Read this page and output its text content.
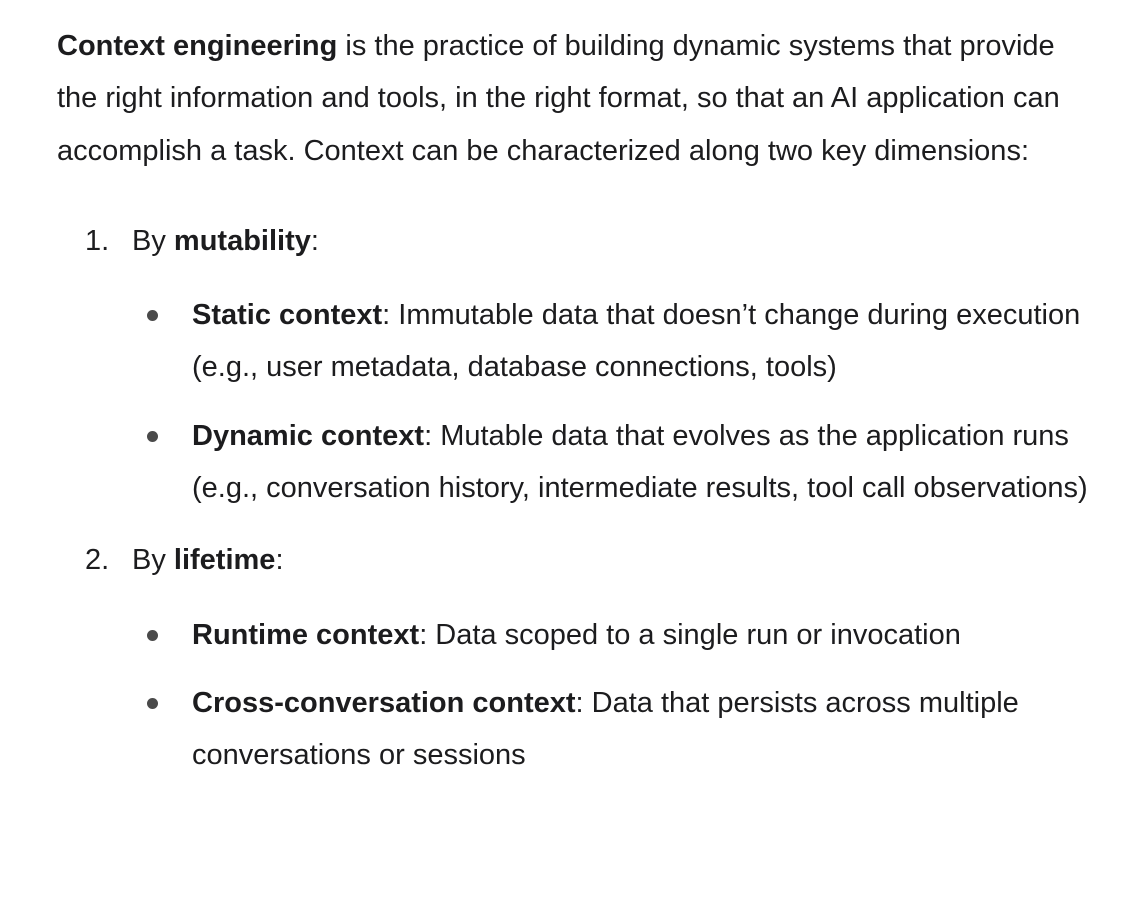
Context engineering is the practice of building dynamic systems that provide the right information and tools, in the right format, so that an AI application can accomplish a task. Context can be characterized along two key dimensions:

1. By mutability:
Static context: Immutable data that doesn’t change during execution (e.g., user metadata, database connections, tools)
Dynamic context: Mutable data that evolves as the application runs (e.g., conversation history, intermediate results, tool call observations)
2. By lifetime:
Runtime context: Data scoped to a single run or invocation
Cross-conversation context: Data that persists across multiple conversations or sessions
